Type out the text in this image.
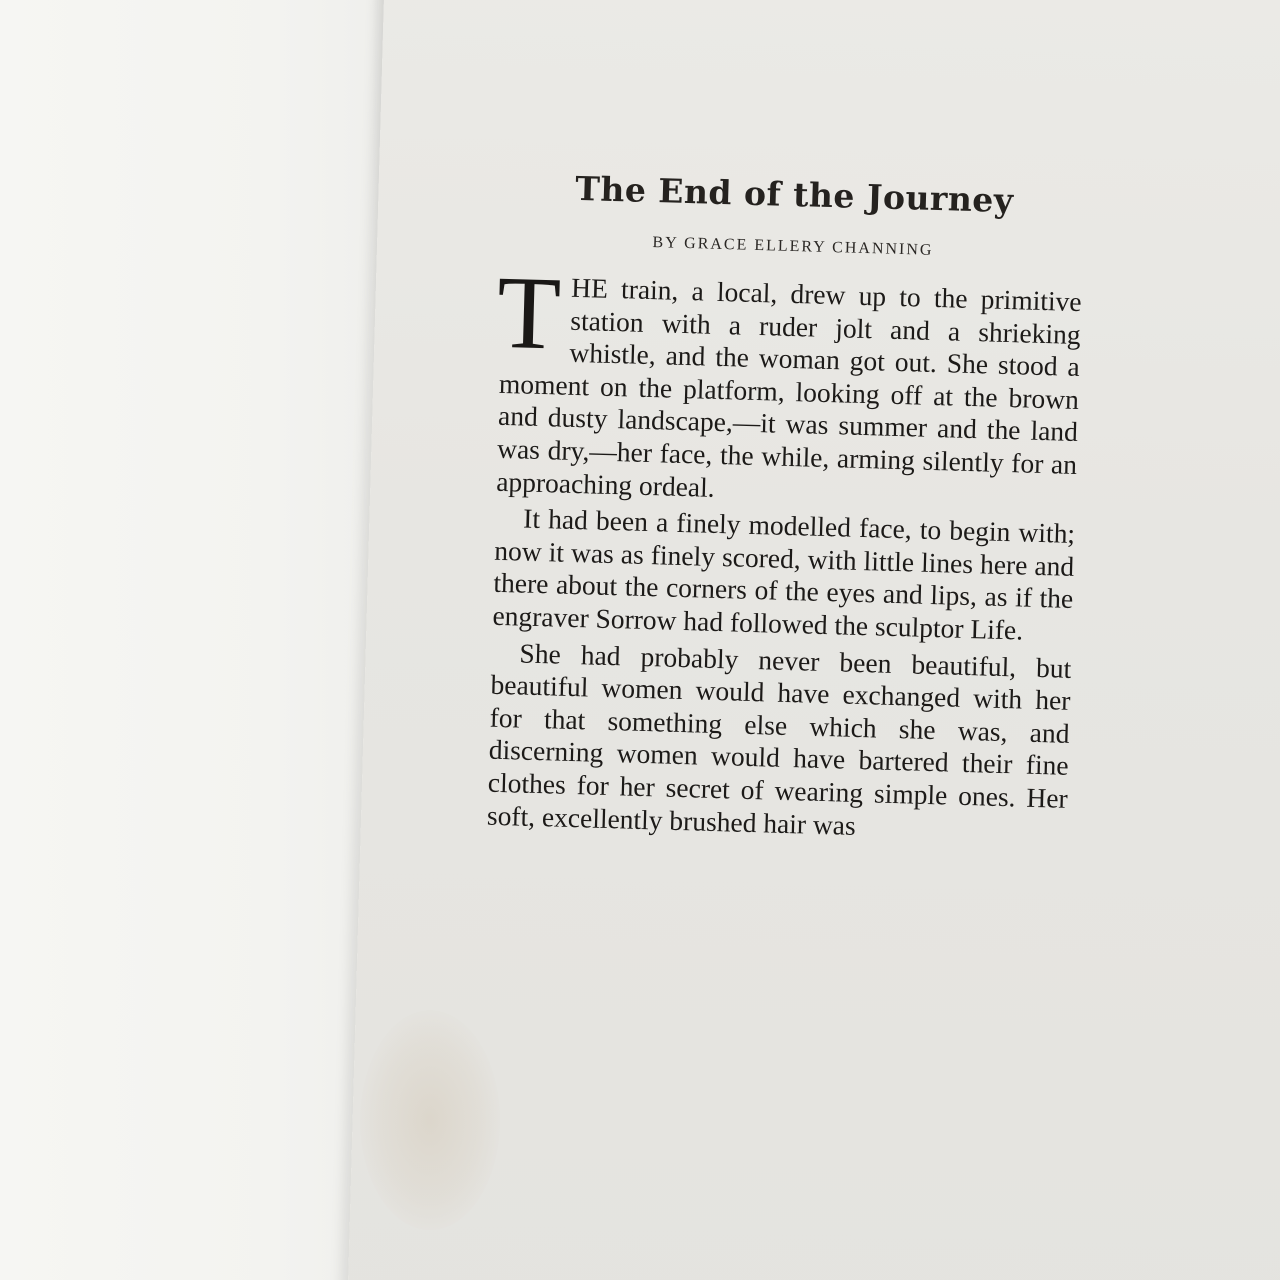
The End of the Journey
BY GRACE ELLERY CHANNING

THE train, a local, drew up to the primitive station with a ruder jolt and a shrieking whistle, and the woman got out. She stood a moment on the platform, looking off at the brown and dusty landscape,—it was summer and the land was dry,—her face, the while, arming silently for an approaching ordeal.

It had been a finely modelled face, to begin with; now it was as finely scored, with little lines here and there about the corners of the eyes and lips, as if the engraver Sorrow had followed the sculptor Life.

She had probably never been beautiful, but beautiful women would have exchanged with her for that something else which she was, and discerning women would have bartered their fine clothes for her secret of wearing simple ones. Her soft, excellently brushed hair was
